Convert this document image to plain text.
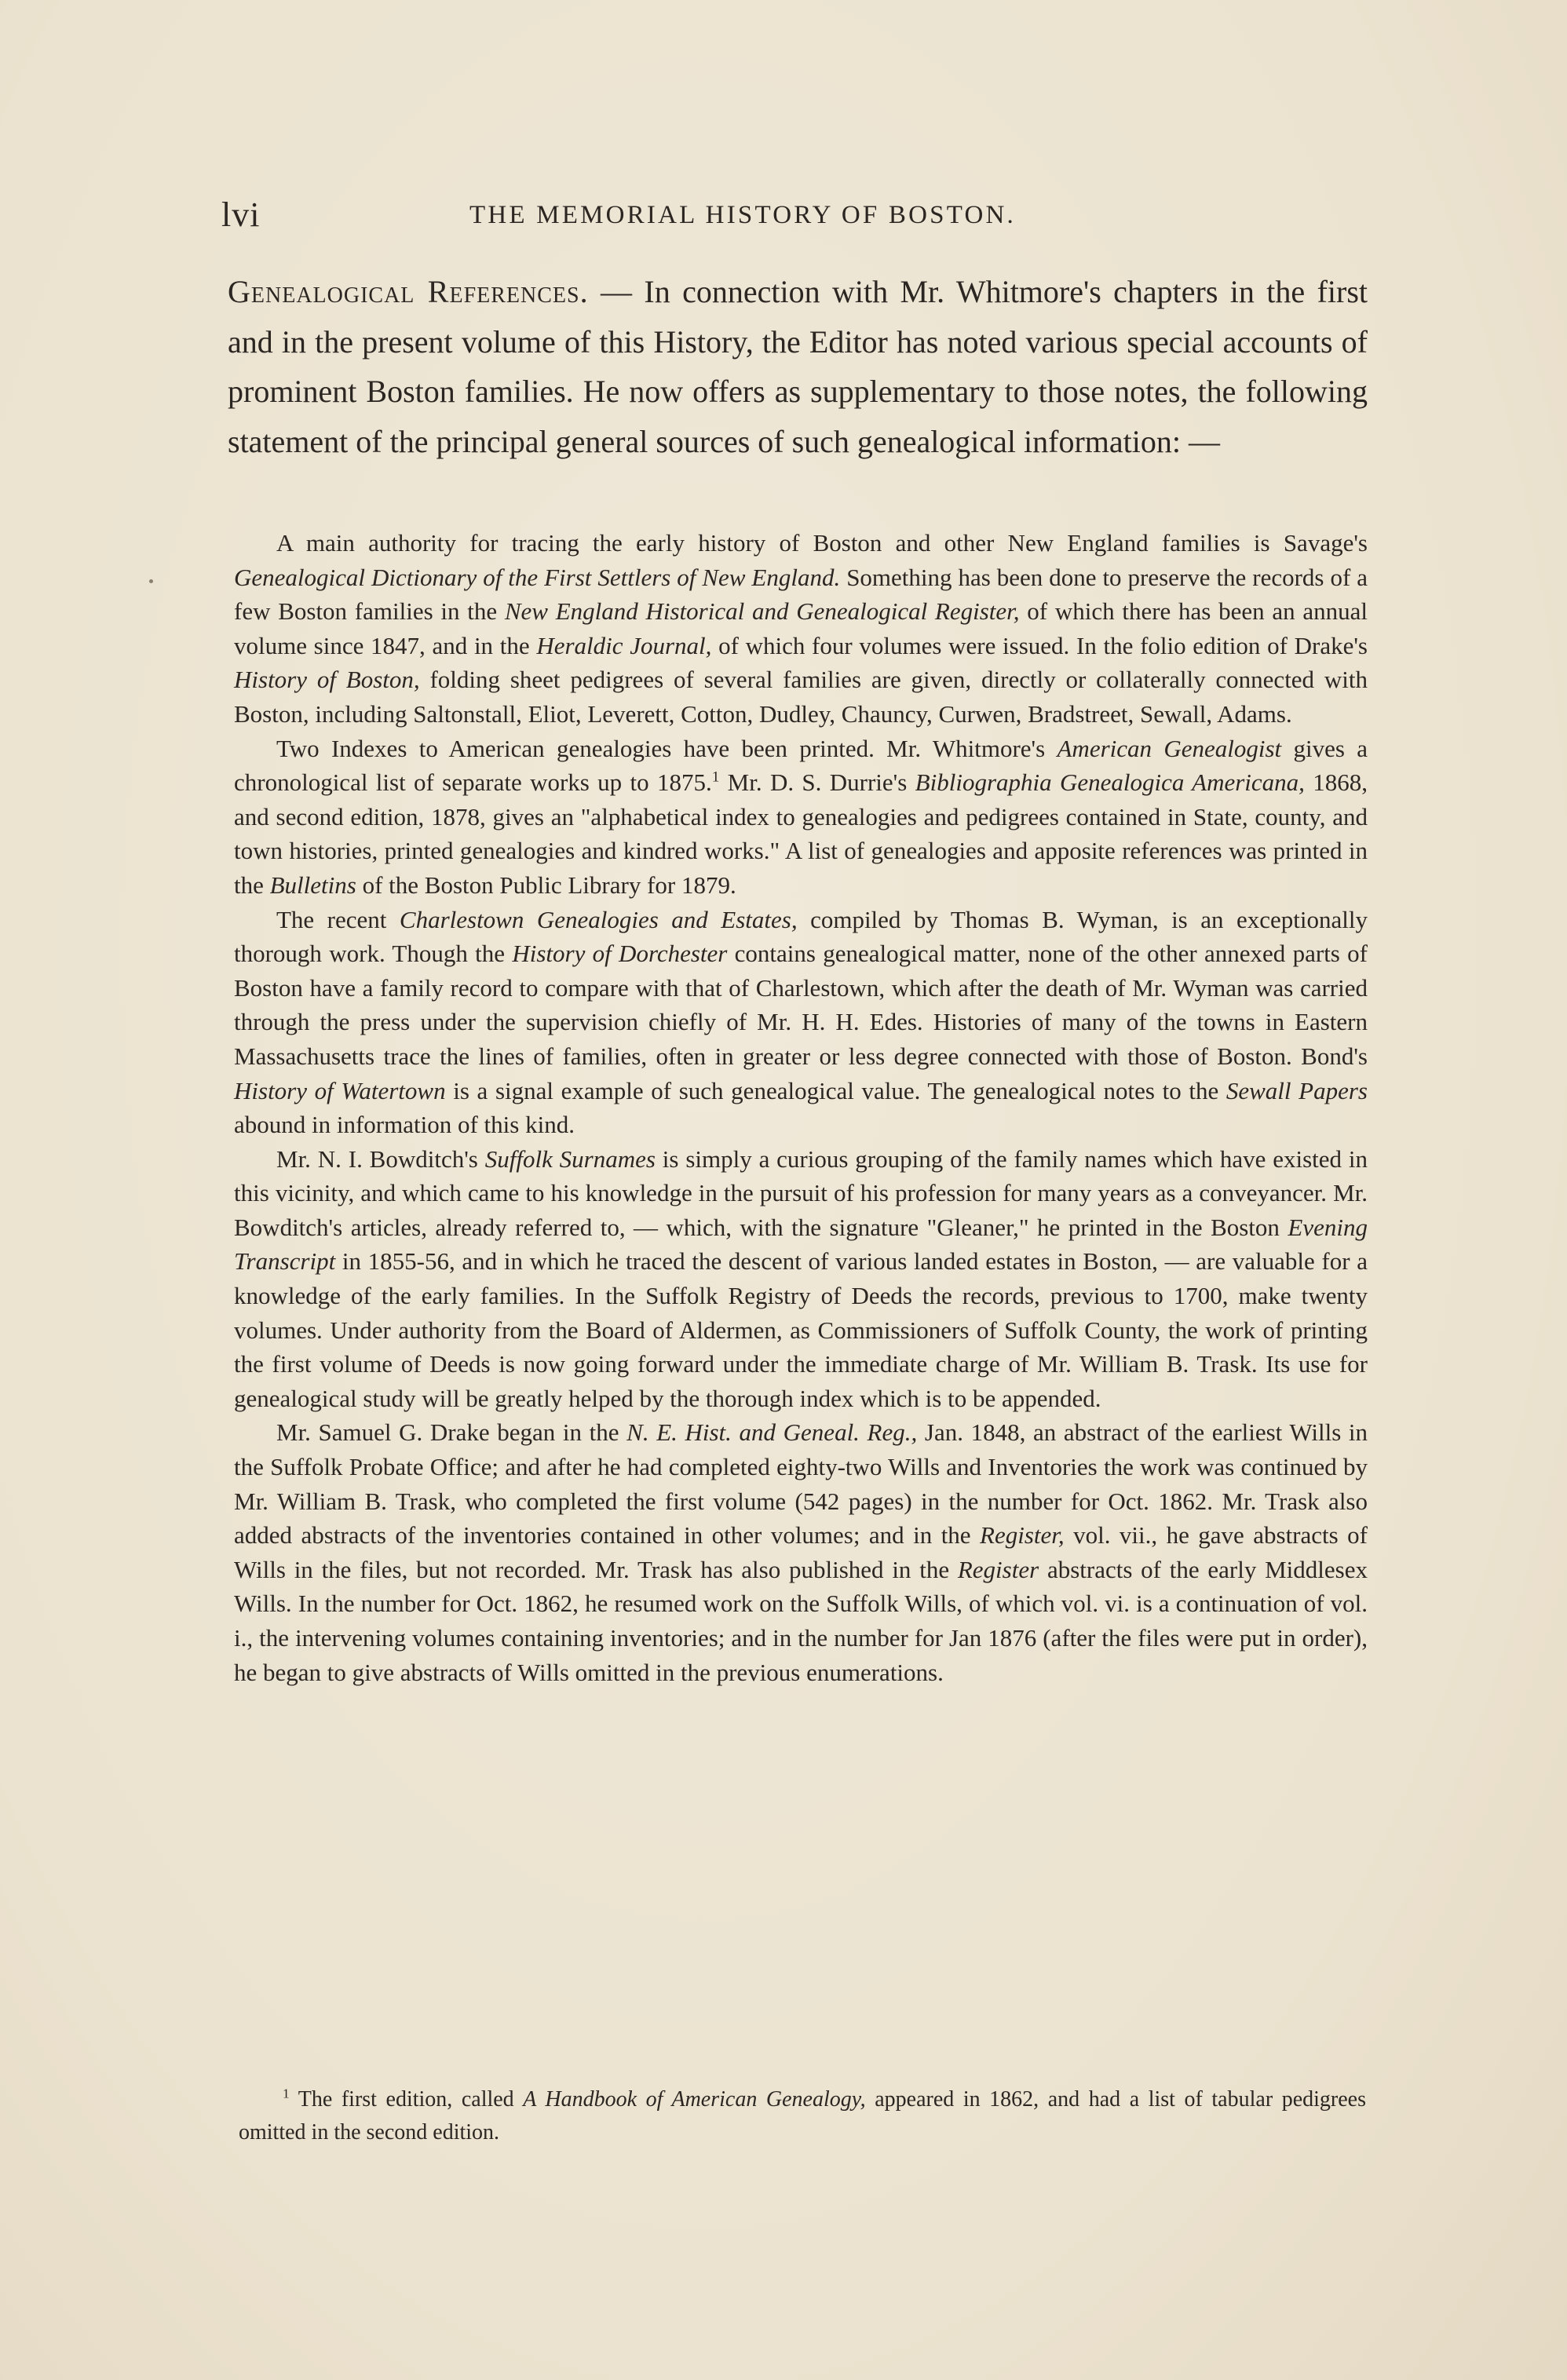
lvi	THE MEMORIAL HISTORY OF BOSTON.
Genealogical References. — In connection with Mr. Whitmore's chapters in the first and in the present volume of this History, the Editor has noted various special accounts of prominent Boston families. He now offers as supplementary to those notes, the following statement of the principal general sources of such genealogical information: —

A main authority for tracing the early history of Boston and other New England families is Savage's Genealogical Dictionary of the First Settlers of New England. Something has been done to preserve the records of a few Boston families in the New England Historical and Genealogical Register, of which there has been an annual volume since 1847, and in the Heraldic Journal, of which four volumes were issued. In the folio edition of Drake's History of Boston, folding sheet pedigrees of several families are given, directly or collaterally connected with Boston, including Saltonstall, Eliot, Leverett, Cotton, Dudley, Chauncy, Curwen, Bradstreet, Sewall, Adams.

Two Indexes to American genealogies have been printed. Mr. Whitmore's American Genealogist gives a chronological list of separate works up to 1875.$^1$ Mr. D. S. Durrie's Bibliographia Genealogica Americana, 1868, and second edition, 1878, gives an "alphabetical index to genealogies and pedigrees contained in State, county, and town histories, printed genealogies and kindred works." A list of genealogies and apposite references was printed in the Bulletins of the Boston Public Library for 1879.

The recent Charlestown Genealogies and Estates, compiled by Thomas B. Wyman, is an exceptionally thorough work. Though the History of Dorchester contains genealogical matter, none of the other annexed parts of Boston have a family record to compare with that of Charlestown, which after the death of Mr. Wyman was carried through the press under the supervision chiefly of Mr. H. H. Edes. Histories of many of the towns in Eastern Massachusetts trace the lines of families, often in greater or less degree connected with those of Boston. Bond's History of Watertown is a signal example of such genealogical value. The genealogical notes to the Sewall Papers abound in information of this kind.

Mr. N. I. Bowditch's Suffolk Surnames is simply a curious grouping of the family names which have existed in this vicinity, and which came to his knowledge in the pursuit of his profession for many years as a conveyancer. Mr. Bowditch's articles, already referred to, — which, with the signature "Gleaner," he printed in the Boston Evening Transcript in 1855-56, and in which he traced the descent of various landed estates in Boston, — are valuable for a knowledge of the early families. In the Suffolk Registry of Deeds the records, previous to 1700, make twenty volumes. Under authority from the Board of Aldermen, as Commissioners of Suffolk County, the work of printing the first volume of Deeds is now going forward under the immediate charge of Mr. William B. Trask. Its use for genealogical study will be greatly helped by the thorough index which is to be appended.

Mr. Samuel G. Drake began in the N. E. Hist. and Geneal. Reg., Jan. 1848, an abstract of the earliest Wills in the Suffolk Probate Office; and after he had completed eighty-two Wills and Inventories the work was continued by Mr. William B. Trask, who completed the first volume (542 pages) in the number for Oct. 1862. Mr. Trask also added abstracts of the inventories contained in other volumes; and in the Register, vol. vii., he gave abstracts of Wills in the files, but not recorded. Mr. Trask has also published in the Register abstracts of the early Middlesex Wills. In the number for Oct. 1862, he resumed work on the Suffolk Wills, of which vol. vi. is a continuation of vol. i., the intervening volumes containing inventories; and in the number for Jan 1876 (after the files were put in order), he began to give abstracts of Wills omitted in the previous enumerations.

$^1$ The first edition, called A Handbook of American Genealogy, appeared in 1862, and had a list of tabular pedigrees omitted in the second edition.
